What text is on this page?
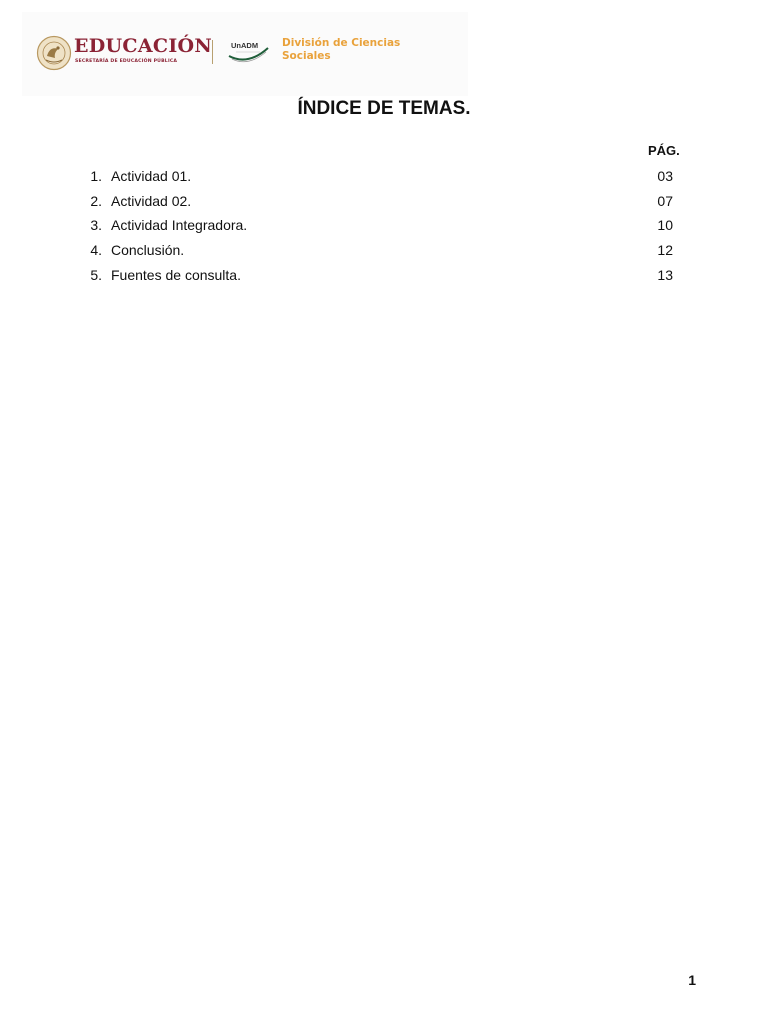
EDUCACIÓN
SECRETARÍA DE EDUCACIÓN PÚBLICA
UnADM División de Ciencias
Sociales
ÍNDICE DE TEMAS.
PÁG.
1. Actividad 01.	03
2. Actividad 02.	07
3. Actividad Integradora.	10
4. Conclusión.	12
5. Fuentes de consulta.	13
1
